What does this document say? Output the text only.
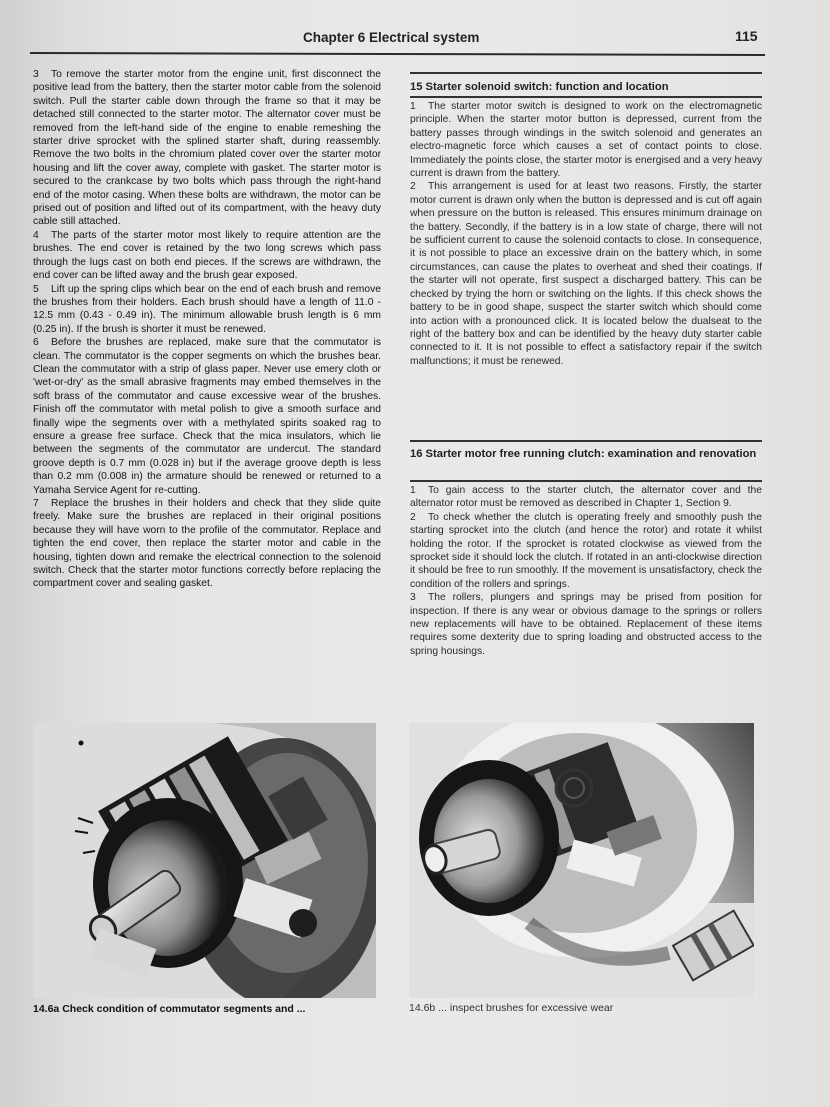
Chapter 6 Electrical system	115

3 To remove the starter motor from the engine unit, first disconnect the positive lead from the battery, then the starter motor cable from the solenoid switch. Pull the starter cable down through the frame so that it may be detached still connected to the starter motor. The alternator cover must be removed from the left-hand side of the engine to enable remeshing the starter drive sprocket with the splined starter shaft, during reassembly. Remove the two bolts in the chromium plated cover over the starter motor housing and lift the cover away, complete with gasket. The starter motor is secured to the crankcase by two bolts which pass through the right-hand end of the motor casing. When these bolts are withdrawn, the motor can be prised out of position and lifted out of its compartment, with the heavy duty cable still attached.

4 The parts of the starter motor most likely to require attention are the brushes. The end cover is retained by the two long screws which pass through the lugs cast on both end pieces. If the screws are withdrawn, the end cover can be lifted away and the brush gear exposed.

5 Lift up the spring clips which bear on the end of each brush and remove the brushes from their holders. Each brush should have a length of 11.0 - 12.5 mm (0.43 - 0.49 in). The minimum allowable brush length is 6 mm (0.25 in). If the brush is shorter it must be renewed.

6 Before the brushes are replaced, make sure that the commutator is clean. The commutator is the copper segments on which the brushes bear. Clean the commutator with a strip of glass paper. Never use emery cloth or 'wet-or-dry' as the small abrasive fragments may embed themselves in the soft brass of the commutator and cause excessive wear of the brushes. Finish off the commutator with metal polish to give a smooth surface and finally wipe the segments over with a methylated spirits soaked rag to ensure a grease free surface. Check that the mica insulators, which lie between the segments of the commutator are undercut. The standard groove depth is 0.7 mm (0.028 in) but if the average groove depth is less than 0.2 mm (0.008 in) the armature should be renewed or returned to a Yamaha Service Agent for re-cutting.

7 Replace the brushes in their holders and check that they slide quite freely. Make sure the brushes are replaced in their original positions because they will have worn to the profile of the commutator. Replace and tighten the end cover, then replace the starter motor and cable in the housing, tighten down and remake the electrical connection to the solenoid switch. Check that the starter motor functions correctly before replacing the compartment cover and sealing gasket.

15 Starter solenoid switch: function and location

1 The starter motor switch is designed to work on the electromagnetic principle. When the starter motor button is depressed, current from the battery passes through windings in the switch solenoid and generates an electro-magnetic force which causes a set of contact points to close. Immediately the points close, the starter motor is energised and a very heavy current is drawn from the battery.

2 This arrangement is used for at least two reasons. Firstly, the starter motor current is drawn only when the button is depressed and is cut off again when pressure on the button is released. This ensures minimum drainage on the battery. Secondly, if the battery is in a low state of charge, there will not be sufficient current to cause the solenoid contacts to close. In consequence, it is not possible to place an excessive drain on the battery which, in some circumstances, can cause the plates to overheat and shed their coatings. If the starter will not operate, first suspect a discharged battery. This can be checked by trying the horn or switching on the lights. If this check shows the battery to be in good shape, suspect the starter switch which should come into action with a pronounced click. It is located below the dualseat to the right of the battery box and can be identified by the heavy duty starter cable connected to it. It is not possible to effect a satisfactory repair if the switch malfunctions; it must be renewed.

16 Starter motor free running clutch: examination and renovation

1 To gain access to the starter clutch, the alternator cover and the alternator rotor must be removed as described in Chapter 1, Section 9.

2 To check whether the clutch is operating freely and smoothly push the starting sprocket into the clutch (and hence the rotor) and rotate it whilst holding the rotor. If the sprocket is rotated clockwise as viewed from the sprocket side it should lock the clutch. If rotated in an anti-clockwise direction it should be free to run smoothly. If the movement is unsatisfactory, check the condition of the rollers and springs.

3 The rollers, plungers and springs may be prised from position for inspection. If there is any wear or obvious damage to the springs or rollers new replacements will have to be obtained. Replacement of these items requires some dexterity due to spring loading and obstructed access to the spring housings.

14.6a Check condition of commutator segments and ...	14.6b ... inspect brushes for excessive wear
